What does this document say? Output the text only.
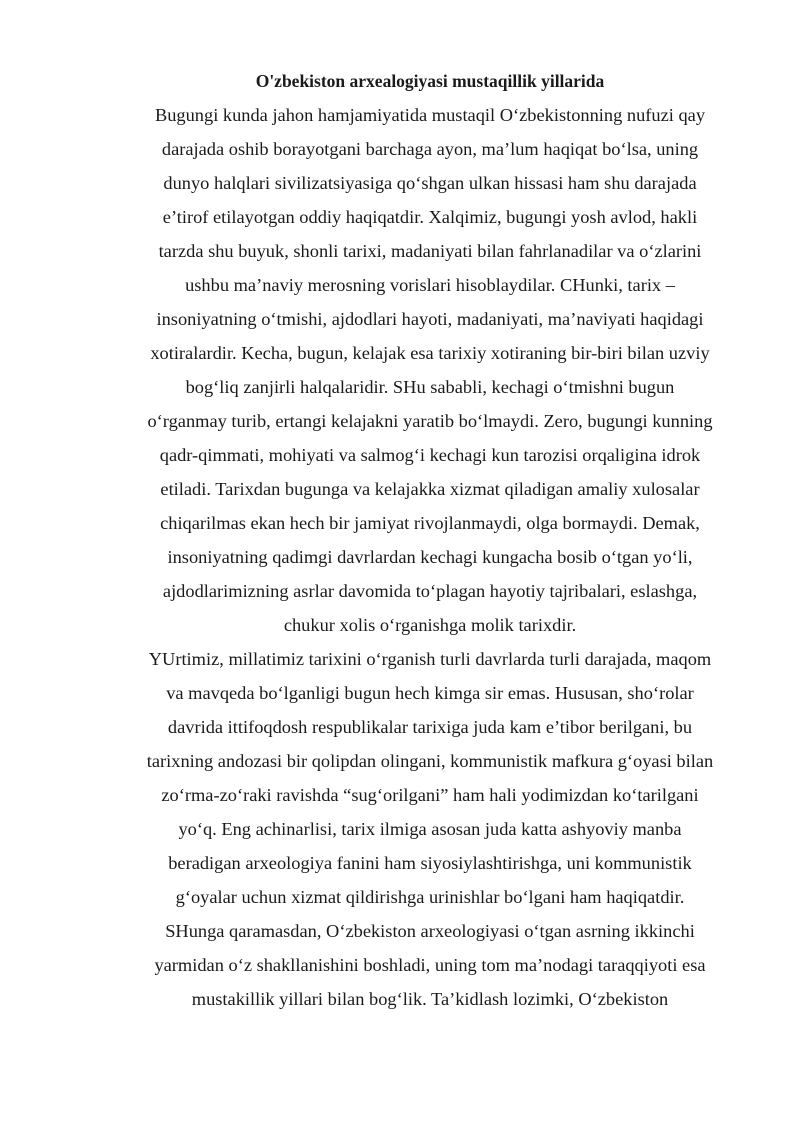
O'zbekiston arxealogiyasi mustaqillik yillarida

Bugungi kunda jahon hamjamiyatida mustaqil O‘zbekistonning nufuzi qay

darajada oshib borayotgani barchaga ayon, ma’lum haqiqat bo‘lsa, uning

dunyo halqlari sivilizatsiyasiga qo‘shgan ulkan hissasi ham shu darajada

e’tirof etilayotgan oddiy haqiqatdir. Xalqimiz, bugungi yosh avlod, hakli

tarzda shu buyuk, shonli tarixi, madaniyati bilan fahrlanadilar va o‘zlarini

ushbu ma’naviy merosning vorislari hisoblaydilar. CHunki, tarix –

insoniyatning o‘tmishi, ajdodlari hayoti, madaniyati, ma’naviyati haqidagi

xotiralardir. Kecha, bugun, kelajak esa tarixiy xotiraning bir-biri bilan uzviy

bog‘liq zanjirli halqalaridir. SHu sababli, kechagi o‘tmishni bugun

o‘rganmay turib, ertangi kelajakni yaratib bo‘lmaydi. Zero, bugungi kunning

qadr-qimmati, mohiyati va salmog‘i kechagi kun tarozisi orqaligina idrok

etiladi. Tarixdan bugunga va kelajakka xizmat qiladigan amaliy xulosalar

chiqarilmas ekan hech bir jamiyat rivojlanmaydi, olga bormaydi. Demak,

insoniyatning qadimgi davrlardan kechagi kungacha bosib o‘tgan yo‘li,

ajdodlarimizning asrlar davomida to‘plagan hayotiy tajribalari, eslashga,

chukur xolis o‘rganishga molik tarixdir.

YUrtimiz, millatimiz tarixini o‘rganish turli davrlarda turli darajada, maqom

va mavqeda bo‘lganligi bugun hech kimga sir emas. Hususan, sho‘rolar

davrida ittifoqdosh respublikalar tarixiga juda kam e’tibor berilgani, bu

tarixning andozasi bir qolipdan olingani, kommunistik mafkura g‘oyasi bilan

zo‘rma-zo‘raki ravishda “sug‘orilgani” ham hali yodimizdan ko‘tarilgani

yo‘q. Eng achinarlisi, tarix ilmiga asosan juda katta ashyoviy manba

beradigan arxeologiya fanini ham siyosiylashtirishga, uni kommunistik

g‘oyalar uchun xizmat qildirishga urinishlar bo‘lgani ham haqiqatdir.

SHunga qaramasdan, O‘zbekiston arxeologiyasi o‘tgan asrning ikkinchi

yarmidan o‘z shakllanishini boshladi, uning tom ma’nodagi taraqqiyoti esa

mustakillik yillari bilan bog‘lik. Ta’kidlash lozimki, O‘zbekiston
